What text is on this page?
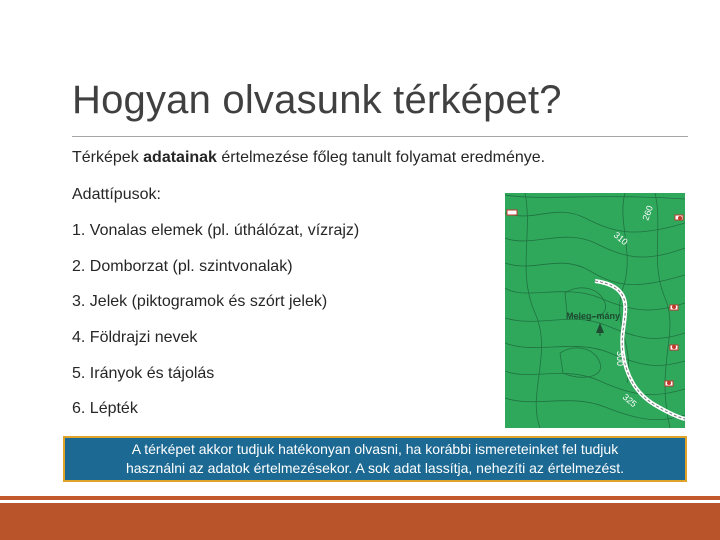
Hogyan olvasunk térképet?
Térképek adatainak értelmezése főleg tanult folyamat eredménye.
Adattípusok:
1. Vonalas elemek (pl. úthálózat, vízrajz)
2. Domborzat (pl. szintvonalak)
3. Jelek (piktogramok és szórt jelek)
4. Földrajzi nevek
5. Irányok és tájolás
6. Lépték
260
310
300
325
Meleg–mány
A térképet akkor tudjuk hatékonyan olvasni, ha korábbi ismereteinket fel tudjuk
használni az adatok értelmezésekor. A sok adat lassítja, nehezíti az értelmezést.
